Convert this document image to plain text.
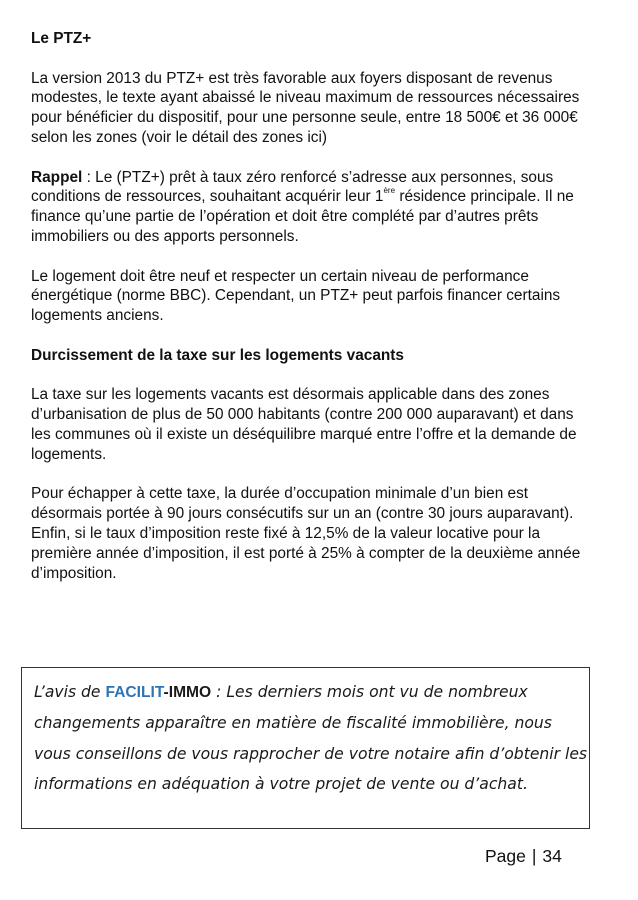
Le PTZ+

La version 2013 du PTZ+ est très favorable aux foyers disposant de revenus modestes, le texte ayant abaissé le niveau maximum de ressources nécessaires pour bénéficier du dispositif, pour une personne seule, entre 18 500€ et 36 000€ selon les zones (voir le détail des zones ici)

Rappel : Le (PTZ+) prêt à taux zéro renforcé s’adresse aux personnes, sous conditions de ressources, souhaitant acquérir leur 1ère résidence principale. Il ne finance qu’une partie de l’opération et doit être complété par d’autres prêts immobiliers ou des apports personnels.

Le logement doit être neuf et respecter un certain niveau de performance énergétique (norme BBC). Cependant, un PTZ+ peut parfois financer certains logements anciens.

Durcissement de la taxe sur les logements vacants

La taxe sur les logements vacants est désormais applicable dans des zones d’urbanisation de plus de 50 000 habitants (contre 200 000 auparavant) et dans les communes où il existe un déséquilibre marqué entre l’offre et la demande de logements.

Pour échapper à cette taxe, la durée d’occupation minimale d’un bien est désormais portée à 90 jours consécutifs sur un an (contre 30 jours auparavant). Enfin, si le taux d’imposition reste fixé à 12,5% de la valeur locative pour la première année d’imposition, il est porté à 25% à compter de la deuxième année d’imposition.

L’avis de FACILIT-IMMO : Les derniers mois ont vu de nombreux changements apparaître en matière de fiscalité immobilière, nous vous conseillons de vous rapprocher de votre notaire afin d’obtenir les informations en adéquation à votre projet de vente ou d’achat.
Page | 34
